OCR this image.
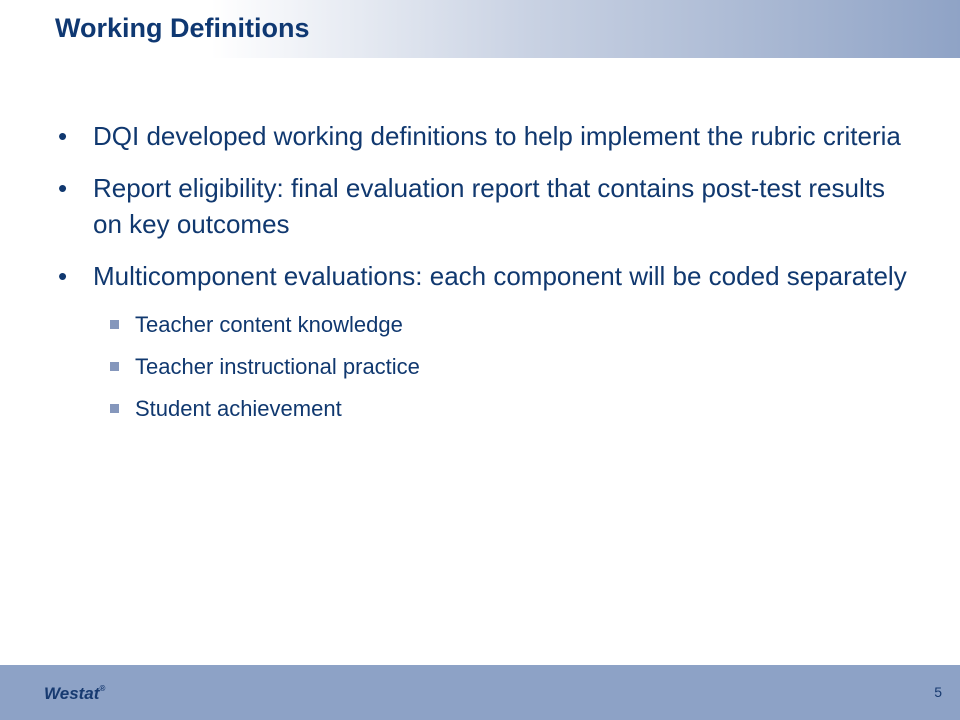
Working Definitions
• DQI developed working definitions to help implement the rubric criteria
• Report eligibility: final evaluation report that contains post-test results on key outcomes
• Multicomponent evaluations: each component will be coded separately
Teacher content knowledge
Teacher instructional practice
Student achievement
Westat®	5
